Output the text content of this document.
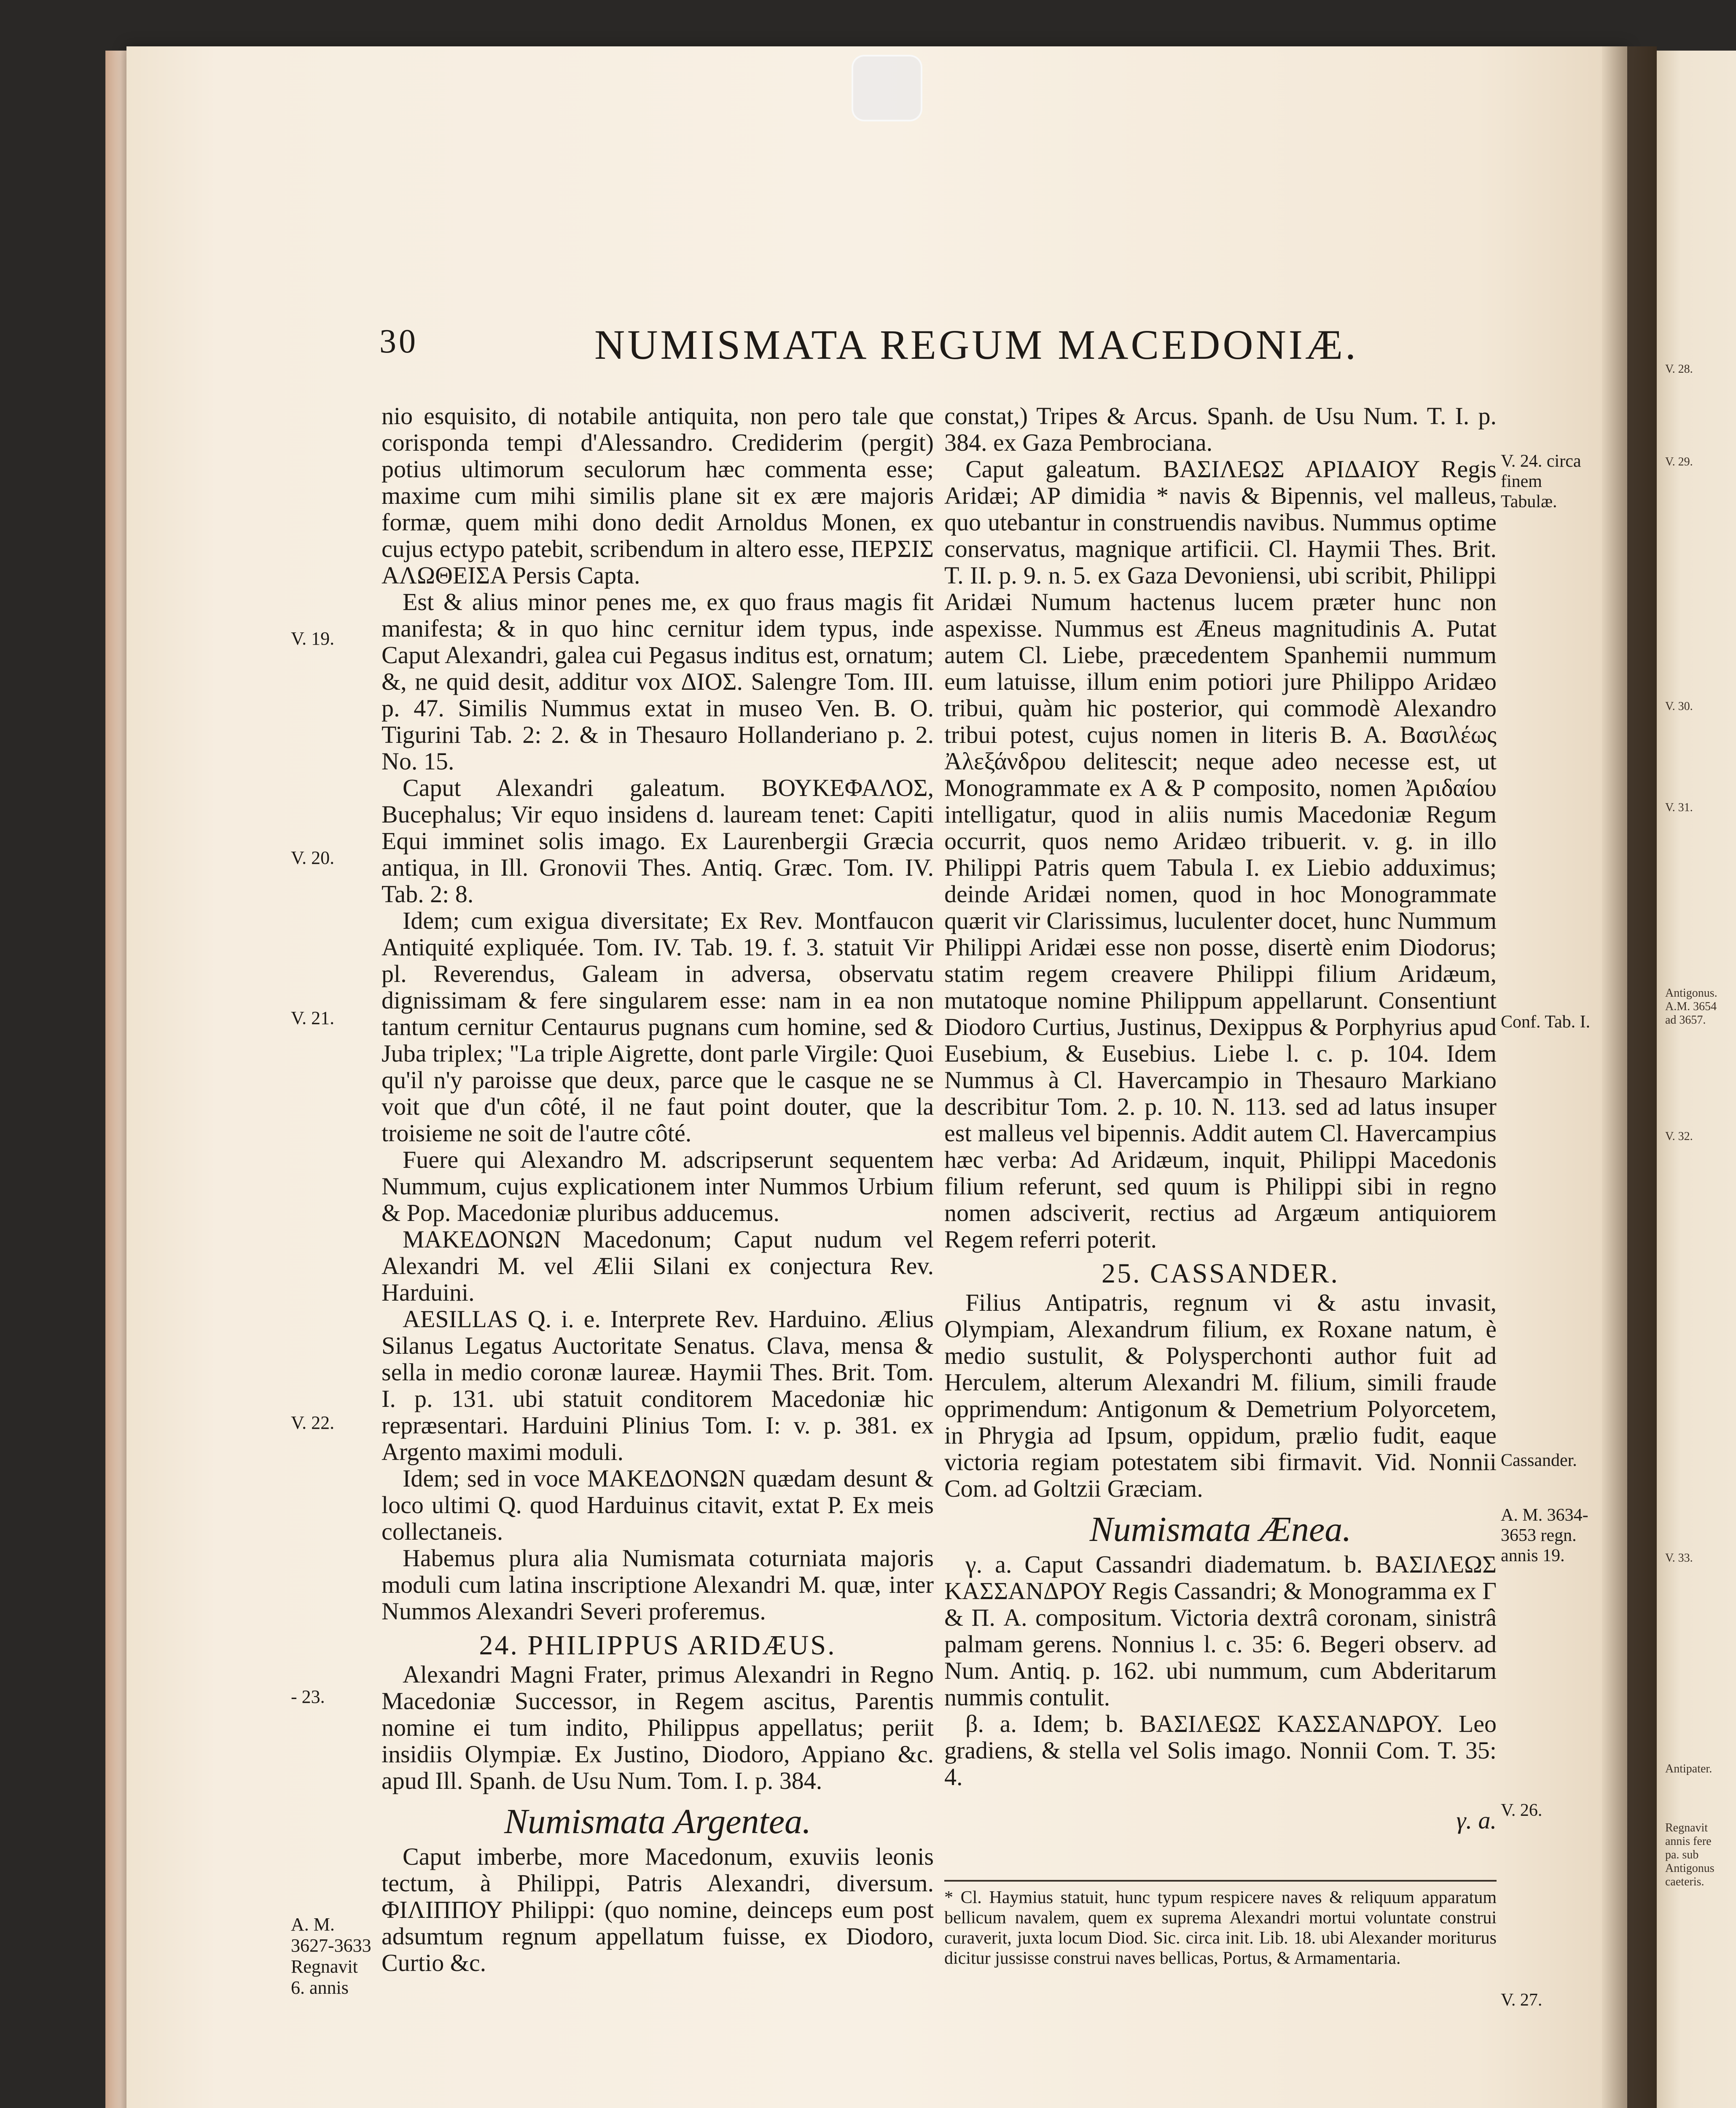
V. 28.
V. 29.
V. 30.
V. 31.
Antigonus. A.M. 3654 ad 3657.
V. 32.
V. 33.
Antipater.
Regnavit annis fere pa. sub Antigonus caeteris.
30	NUMISMATA REGUM MACEDONIÆ.
V. 19.
V. 20.
V. 21.
V. 22.
- 23.
A. M. 3627-3633 Regnavit 6. annis
V. 24. circa finem Tabulæ.
Conf. Tab. I.
Cassander.
A. M. 3634-3653 regn. annis 19.
V. 26.
V. 27.

nio esquisito, di notabile antiquita, non pero tale que corisponda tempi d'Alessandro. Crediderim (pergit) potius ultimorum seculorum hæc commenta esse; maxime cum mihi similis plane sit ex ære majoris formæ, quem mihi dono dedit Arnoldus Monen, ex cujus ectypo patebit, scribendum in altero esse, ΠΕΡΣΙΣ ΑΛΩΘΕΙΣΑ Persis Capta.

Est & alius minor penes me, ex quo fraus magis fit manifesta; & in quo hinc cernitur idem typus, inde Caput Alexandri, galea cui Pegasus inditus est, ornatum; &, ne quid desit, additur vox ΔΙΟΣ. Salengre Tom. III. p. 47. Similis Nummus extat in museo Ven. B. O. Tigurini Tab. 2: 2. & in Thesauro Hollanderiano p. 2. No. 15.

Caput Alexandri galeatum. ΒΟΥΚΕΦΑΛΟΣ, Bucephalus; Vir equo insidens d. lauream tenet: Capiti Equi imminet solis imago. Ex Laurenbergii Græcia antiqua, in Ill. Gronovii Thes. Antiq. Græc. Tom. IV. Tab. 2: 8.

Idem; cum exigua diversitate; Ex Rev. Montfaucon Antiquité expliquée. Tom. IV. Tab. 19. f. 3. statuit Vir pl. Reverendus, Galeam in adversa, observatu dignissimam & fere singularem esse: nam in ea non tantum cernitur Centaurus pugnans cum homine, sed & Juba triplex; "La triple Aigrette, dont parle Virgile: Quoi qu'il n'y paroisse que deux, parce que le casque ne se voit que d'un côté, il ne faut point douter, que la troisieme ne soit de l'autre côté.

Fuere qui Alexandro M. adscripserunt sequentem Nummum, cujus explicationem inter Nummos Urbium & Pop. Macedoniæ pluribus adducemus.

ΜΑΚΕΔΟΝΩΝ Macedonum; Caput nudum vel Alexandri M. vel Ælii Silani ex conjectura Rev. Harduini.

AESILLAS Q. i. e. Interprete Rev. Harduino. Ælius Silanus Legatus Auctoritate Senatus. Clava, mensa & sella in medio coronæ laureæ. Haymii Thes. Brit. Tom. I. p. 131. ubi statuit conditorem Macedoniæ hic repræsentari. Harduini Plinius Tom. I: v. p. 381. ex Argento maximi moduli.

Idem; sed in voce ΜΑΚΕΔΟΝΩΝ quædam desunt & loco ultimi Q. quod Harduinus citavit, extat P. Ex meis collectaneis.

Habemus plura alia Numismata coturniata majoris moduli cum latina inscriptione Alexandri M. quæ, inter Nummos Alexandri Severi proferemus.

24. PHILIPPUS ARIDÆUS.

Alexandri Magni Frater, primus Alexandri in Regno Macedoniæ Successor, in Regem ascitus, Parentis nomine ei tum indito, Philippus appellatus; periit insidiis Olympiæ. Ex Justino, Diodoro, Appiano &c. apud Ill. Spanh. de Usu Num. Tom. I. p. 384.

Numismata Argentea.

Caput imberbe, more Macedonum, exuviis leonis tectum, à Philippi, Patris Alexandri, diversum. ΦΙΛΙΠΠΟΥ Philippi: (quo nomine, deinceps eum post adsumtum regnum appellatum fuisse, ex Diodoro, Curtio &c.

constat,) Tripes & Arcus. Spanh. de Usu Num. T. I. p. 384. ex Gaza Pembrociana.

Caput galeatum. ΒΑΣΙΛΕΩΣ ΑΡΙΔΑΙΟΥ Regis Aridæi; ΑΡ dimidia * navis & Bipennis, vel malleus, quo utebantur in construendis navibus. Nummus optime conservatus, magnique artificii. Cl. Haymii Thes. Brit. T. II. p. 9. n. 5. ex Gaza Devoniensi, ubi scribit, Philippi Aridæi Numum hactenus lucem præter hunc non aspexisse. Nummus est Æneus magnitudinis A. Putat autem Cl. Liebe, præcedentem Spanhemii nummum eum latuisse, illum enim potiori jure Philippo Aridæo tribui, quàm hic posterior, qui commodè Alexandro tribui potest, cujus nomen in literis B. A. Βασιλέως Ἀλεξάνδρου delitescit; neque adeo necesse est, ut Monogrammate ex A & P composito, nomen Ἀριδαίου intelligatur, quod in aliis numis Macedoniæ Regum occurrit, quos nemo Aridæo tribuerit. v. g. in illo Philippi Patris quem Tabula I. ex Liebio adduximus; deinde Aridæi nomen, quod in hoc Monogrammate quærit vir Clarissimus, luculenter docet, hunc Nummum Philippi Aridæi esse non posse, disertè enim Diodorus; statim regem creavere Philippi filium Aridæum, mutatoque nomine Philippum appellarunt. Consentiunt Diodoro Curtius, Justinus, Dexippus & Porphyrius apud Eusebium, & Eusebius. Liebe l. c. p. 104. Idem Nummus à Cl. Havercampio in Thesauro Markiano describitur Tom. 2. p. 10. N. 113. sed ad latus insuper est malleus vel bipennis. Addit autem Cl. Havercampius hæc verba: Ad Aridæum, inquit, Philippi Macedonis filium referunt, sed quum is Philippi sibi in regno nomen adsciverit, rectius ad Argæum antiquiorem Regem referri poterit.

25. CASSANDER.

Filius Antipatris, regnum vi & astu invasit, Olympiam, Alexandrum filium, ex Roxane natum, è medio sustulit, & Polysperchonti author fuit ad Herculem, alterum Alexandri M. filium, simili fraude opprimendum: Antigonum & Demetrium Polyorcetem, in Phrygia ad Ipsum, oppidum, prælio fudit, eaque victoria regiam potestatem sibi firmavit. Vid. Nonnii Com. ad Goltzii Græciam.

Numismata Ænea.

γ. a. Caput Cassandri diadematum. b. ΒΑΣΙΛΕΩΣ ΚΑΣΣΑΝΔΡΟΥ Regis Cassandri; & Monogramma ex Γ & Π. A. compositum. Victoria dextrâ coronam, sinistrâ palmam gerens. Nonnius l. c. 35: 6. Begeri observ. ad Num. Antiq. p. 162. ubi nummum, cum Abderitarum nummis contulit.

β. a. Idem; b. ΒΑΣΙΛΕΩΣ ΚΑΣΣΑΝΔΡΟΥ. Leo gradiens, & stella vel Solis imago. Nonnii Com. T. 35: 4.

γ. a.
* Cl. Haymius statuit, hunc typum respicere naves & reliquum apparatum bellicum navalem, quem ex suprema Alexandri mortui voluntate construi curaverit, juxta locum Diod. Sic. circa init. Lib. 18. ubi Alexander moriturus dicitur jussisse construi naves bellicas, Portus, & Armamentaria.
